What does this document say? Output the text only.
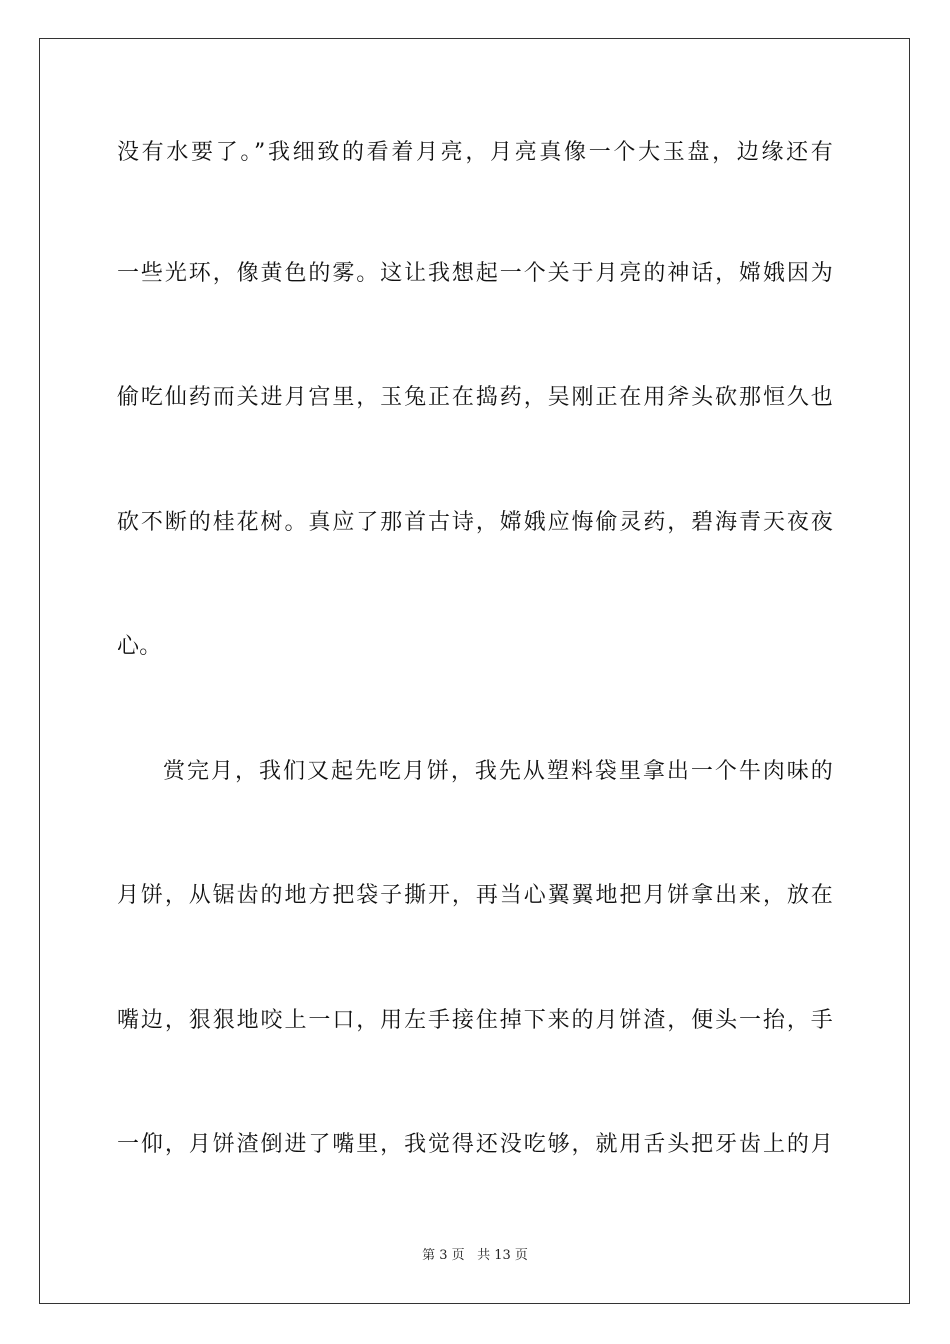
没有水要了。”我细致的看着月亮，月亮真像一个大玉盘，边缘还有

一些光环，像黄色的雾。这让我想起一个关于月亮的神话，嫦娥因为

偷吃仙药而关进月宫里，玉兔正在捣药，吴刚正在用斧头砍那恒久也

砍不断的桂花树。真应了那首古诗，嫦娥应悔偷灵药，碧海青天夜夜

心。

赏完月，我们又起先吃月饼，我先从塑料袋里拿出一个牛肉味的

月饼，从锯齿的地方把袋子撕开，再当心翼翼地把月饼拿出来，放在

嘴边，狠狠地咬上一口，用左手接住掉下来的月饼渣，便头一抬，手

一仰，月饼渣倒进了嘴里，我觉得还没吃够，就用舌头把牙齿上的月

第 3 页 共 13 页
